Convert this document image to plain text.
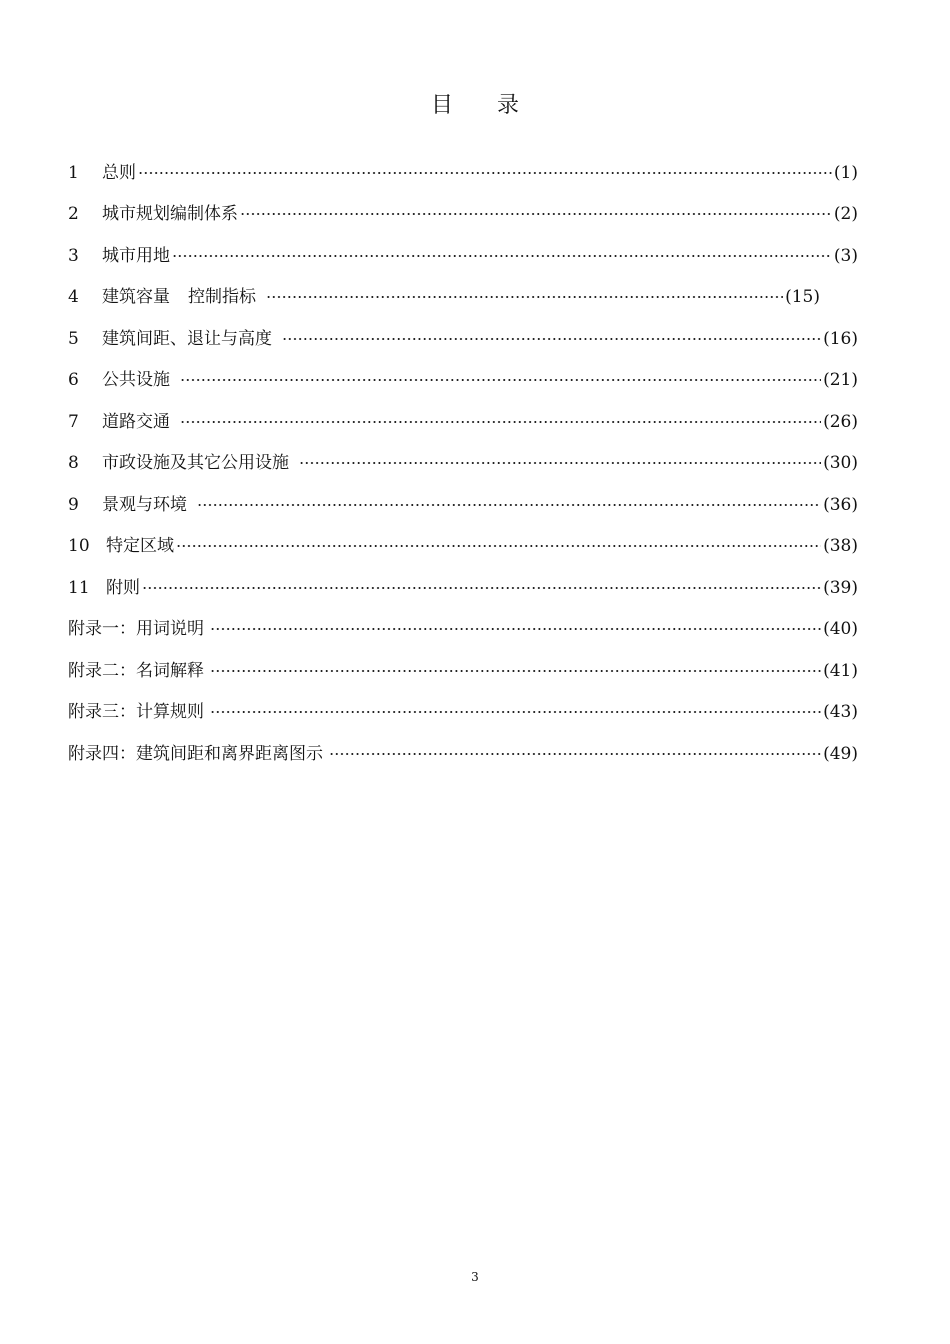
目录
1	总则	(1)
2	城市规划编制体系	(2)
3	城市用地	(3)
4	建筑容量 控制指标	(15)
5	建筑间距、退让与高度	(16)
6	公共设施	(21)
7	道路交通	(26)
8	市政设施及其它公用设施	(30)
9	景观与环境	(36)
10 特定区域	(38)
11 附则	(39)
附录一： 用词说明	(40)
附录二： 名词解释	(41)
附录三： 计算规则	(43)
附录四： 建筑间距和离界距离图示	(49)
3
